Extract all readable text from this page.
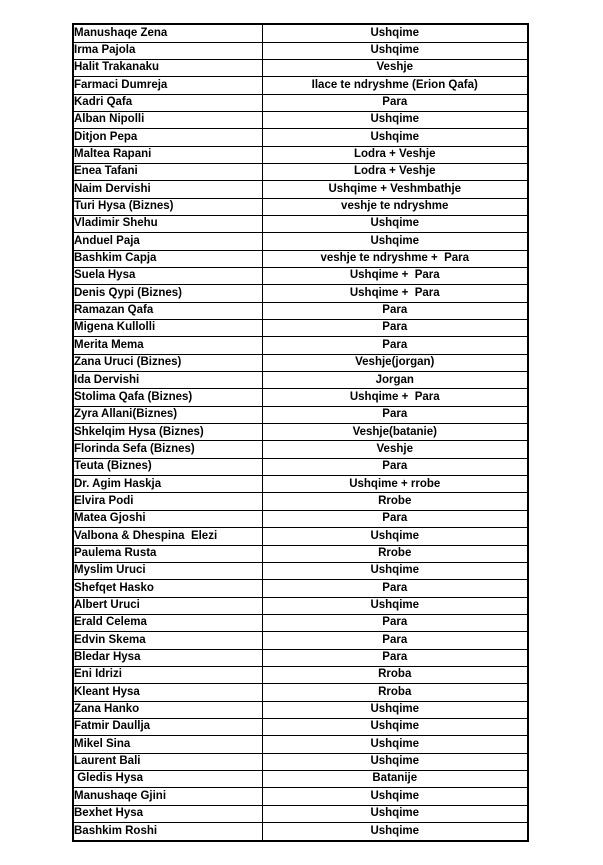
Manushaqe Zena	Ushqime
Irma Pajola	Ushqime
Halit Trakanaku	Veshje
Farmaci Dumreja	Ilace te ndryshme (Erion Qafa)
Kadri Qafa	Para
Alban Nipolli	Ushqime
Ditjon Pepa	Ushqime
Maltea Rapani	Lodra + Veshje
Enea Tafani	Lodra + Veshje
Naim Dervishi	Ushqime + Veshmbathje
Turi Hysa (Biznes)	veshje te ndryshme
Vladimir Shehu	Ushqime
Anduel Paja	Ushqime
Bashkim Capja	veshje te ndryshme +  Para
Suela Hysa	Ushqime +  Para
Denis Qypi (Biznes)	Ushqime +  Para
Ramazan Qafa	Para
Migena Kullolli	Para
Merita Mema	Para
Zana Uruci (Biznes)	Veshje(jorgan)
Ida Dervishi	Jorgan
Stolima Qafa (Biznes)	Ushqime +  Para
Zyra Allani(Biznes)	Para
Shkelqim Hysa (Biznes)	Veshje(batanie)
Florinda Sefa (Biznes)	Veshje
Teuta (Biznes)	Para
Dr. Agim Haskja	Ushqime + rrobe
Elvira Podi	Rrobe
Matea Gjoshi	Para
Valbona & Dhespina  Elezi	Ushqime
Paulema Rusta	Rrobe
Myslim Uruci	Ushqime
Shefqet Hasko	Para
Albert Uruci	Ushqime
Erald Celema	Para
Edvin Skema	Para
Bledar Hysa	Para
Eni Idrizi	Rroba
Kleant Hysa	Rroba
Zana Hanko	Ushqime
Fatmir Daullja	Ushqime
Mikel Sina	Ushqime
Laurent Bali	Ushqime
Gledis Hysa	Batanije
Manushaqe Gjini	Ushqime
Bexhet Hysa	Ushqime
Bashkim Roshi	Ushqime
